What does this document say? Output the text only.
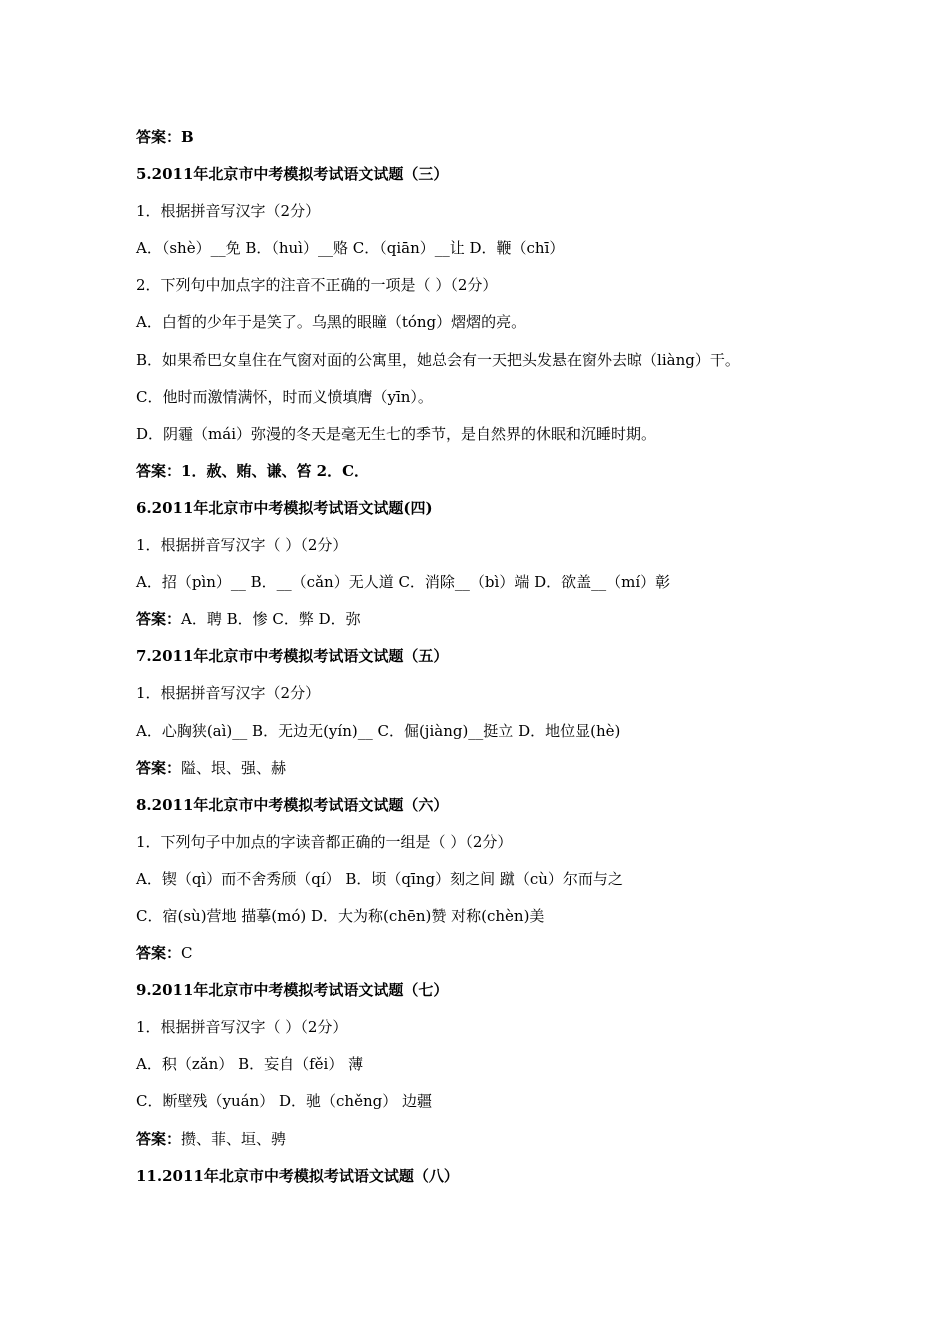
答案：B
5.2011年北京市中考模拟考试语文试题（三）
1．根据拼音写汉字（2分）
A．（shè）__免 B．（huì）__赂 C．（qiān）__让 D．鞭（chī）
2．下列句中加点字的注音不正确的一项是（ ）（2分）
A．白皙的少年于是笑了。乌黑的眼瞳（tóng）熠熠的亮。
B．如果希巴女皇住在气窗对面的公寓里，她总会有一天把头发悬在窗外去晾（liàng）干。
C．他时而激情满怀，时而义愤填膺（yīn）。
D．阴霾（mái）弥漫的冬天是毫无生七的季节，是自然界的休眠和沉睡时期。
答案：1．赦、贿、谦、笞 2．C．
6.2011年北京市中考模拟考试语文试题(四)
1．根据拼音写汉字（ ）（2分）
A．招（pìn）__ B．__（cǎn）无人道 C．消除__（bì）端 D．欲盖__（mí）彰
答案：A．聘 B．惨 C．弊 D．弥
7.2011年北京市中考模拟考试语文试题（五）
1．根据拼音写汉字（2分）
A．心胸狭(aì)__ B．无边无(yín)__ C．倔(jiàng)__挺立 D．地位显(hè)
答案：隘、垠、强、赫
8.2011年北京市中考模拟考试语文试题（六）
1．下列句子中加点的字读音都正确的一组是（ ）（2分）
A．锲（qì）而不舍秀颀（qí） B．顷（qīng）刻之间 蹴（cù）尔而与之
C．宿(sù)营地 描摹(mó) D．大为称(chēn)赞 对称(chèn)美
答案：C
9.2011年北京市中考模拟考试语文试题（七）
1．根据拼音写汉字（ ）（2分）
A．积（zǎn） B．妄自（fěi） 薄
C．断壁残（yuán） D．驰（chěng） 边疆
答案：攒、菲、垣、骋
11.2011年北京市中考模拟考试语文试题（八）
